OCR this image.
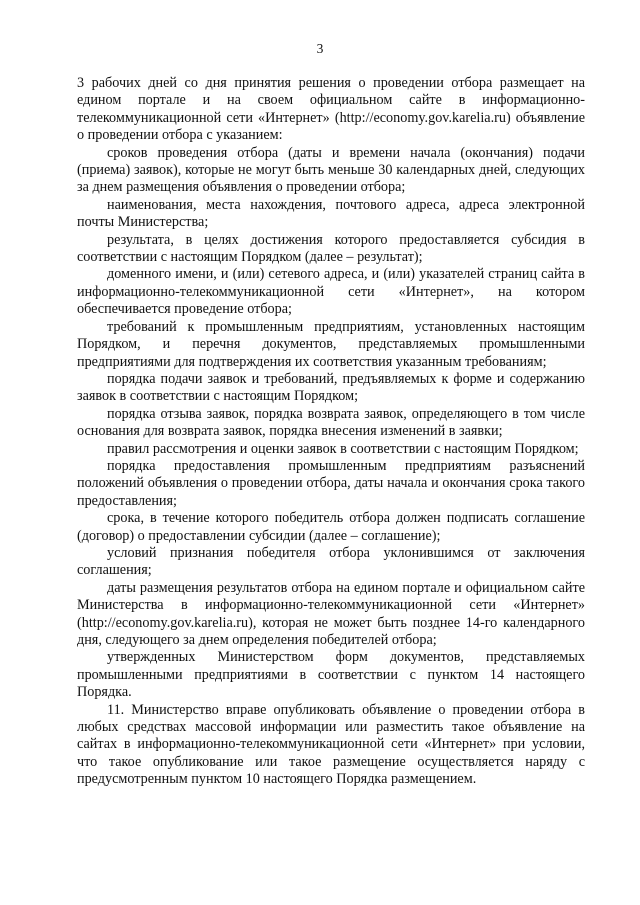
3

3 рабочих дней со дня принятия решения о проведении отбора размещает на едином портале и на своем официальном сайте в информационно-телекоммуникационной сети «Интернет» (http://economy.gov.karelia.ru) объявление о проведении отбора с указанием:

сроков проведения отбора (даты и времени начала (окончания) подачи (приема) заявок), которые не могут быть меньше 30 календарных дней, следующих за днем размещения объявления о проведении отбора;

наименования, места нахождения, почтового адреса, адреса электронной почты Министерства;

результата, в целях достижения которого предоставляется субсидия в соответствии с настоящим Порядком (далее – результат);

доменного имени, и (или) сетевого адреса, и (или) указателей страниц сайта в информационно-телекоммуникационной сети «Интернет», на котором обеспечивается проведение отбора;

требований к промышленным предприятиям, установленных настоящим Порядком, и перечня документов, представляемых промышленными предприятиями для подтверждения их соответствия указанным требованиям;

порядка подачи заявок и требований, предъявляемых к форме и содержанию заявок в соответствии с настоящим Порядком;

порядка отзыва заявок, порядка возврата заявок, определяющего в том числе основания для возврата заявок, порядка внесения изменений в заявки;

правил рассмотрения и оценки заявок в соответствии с настоящим Порядком;

порядка предоставления промышленным предприятиям разъяснений положений объявления о проведении отбора, даты начала и окончания срока такого предоставления;

срока, в течение которого победитель отбора должен подписать соглашение (договор) о предоставлении субсидии (далее – соглашение);

условий признания победителя отбора уклонившимся от заключения соглашения;

даты размещения результатов отбора на едином портале и официальном сайте Министерства в информационно-телекоммуникационной сети «Интернет» (http://economy.gov.karelia.ru), которая не может быть позднее 14-го календарного дня, следующего за днем определения победителей отбора;

утвержденных Министерством форм документов, представляемых промышленными предприятиями в соответствии с пунктом 14 настоящего Порядка.

11. Министерство вправе опубликовать объявление о проведении отбора в любых средствах массовой информации или разместить такое объявление на сайтах в информационно-телекоммуникационной сети «Интернет» при условии, что такое опубликование или такое размещение осуществляется наряду с предусмотренным пунктом 10 настоящего Порядка размещением.
